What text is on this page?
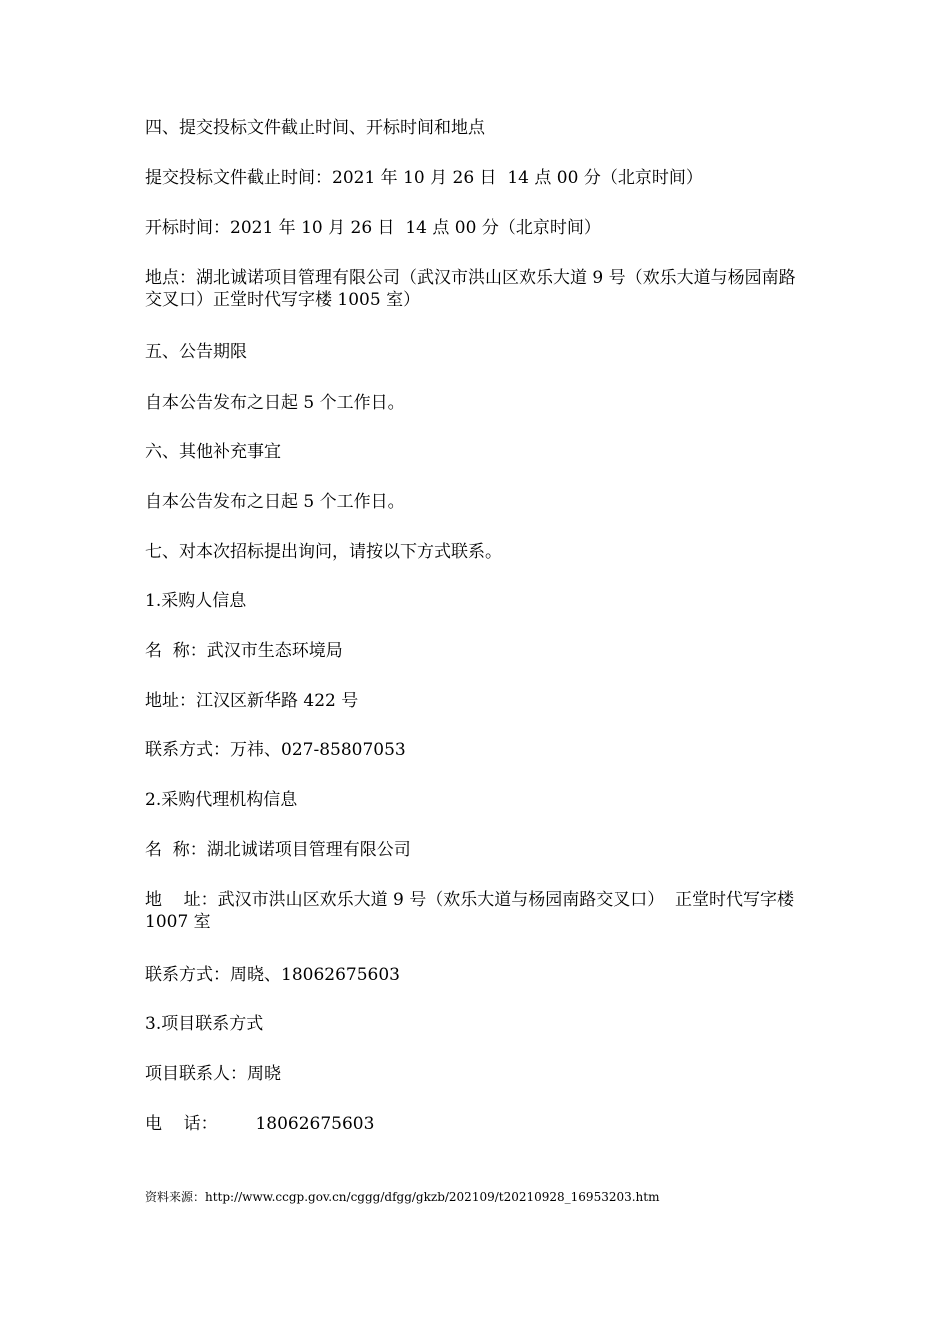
四、提交投标文件截止时间、开标时间和地点
提交投标文件截止时间：2021 年 10 月 26 日  14 点 00 分（北京时间）
开标时间：2021 年 10 月 26 日  14 点 00 分（北京时间）
地点：湖北诚诺项目管理有限公司（武汉市洪山区欢乐大道 9 号（欢乐大道与杨园南路交叉口）正堂时代写字楼 1005 室）
五、公告期限
自本公告发布之日起 5 个工作日。
六、其他补充事宜
自本公告发布之日起 5 个工作日。
七、对本次招标提出询问，请按以下方式联系。
1.采购人信息
名  称：武汉市生态环境局
地址：江汉区新华路 422 号
联系方式：万祎、027-85807053
2.采购代理机构信息
名  称：湖北诚诺项目管理有限公司
地    址：武汉市洪山区欢乐大道 9 号（欢乐大道与杨园南路交叉口）  正堂时代写字楼 1007 室
联系方式：周晓、18062675603
3.项目联系方式
项目联系人：周晓
电    话：       18062675603
资料来源：http://www.ccgp.gov.cn/cggg/dfgg/gkzb/202109/t20210928_16953203.htm
